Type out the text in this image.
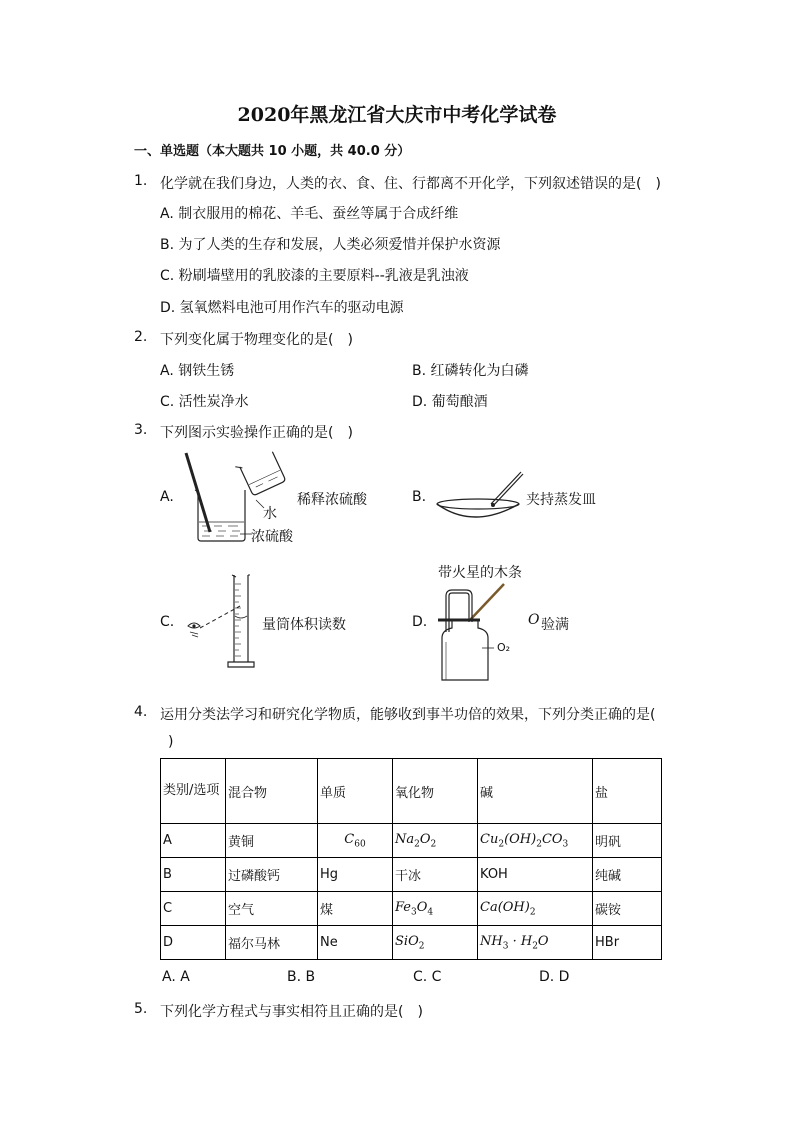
2020年黑龙江省大庆市中考化学试卷
一、单选题（本大题共 10 小题，共 40.0 分）
1. 化学就在我们身边，人类的衣、食、住、行都离不开化学，下列叙述错误的是(　)
A. 制衣服用的棉花、羊毛、蚕丝等属于合成纤维
B. 为了人类的生存和发展，人类必须爱惜并保护水资源
C. 粉刷墙壁用的乳胶漆的主要原料--乳液是乳浊液
D. 氢氧燃料电池可用作汽车的驱动电源
2. 下列变化属于物理变化的是(　)
A. 钢铁生锈	B. 红磷转化为白磷
C. 活性炭净水	D. 葡萄酿酒
3. 下列图示实验操作正确的是(　)
A.
水
浓硫酸
稀释浓硫酸	B.	夹持蒸发皿
C.	量筒体积读数	D.
带火星的木条
O₂
O 验满
4. 运用分类法学习和研究化学物质，能够收到事半功倍的效果，下列分类正确的是(
)
类别/选项	混合物	单质	氧化物	碱	盐
A	黄铜	$C_{60}$	$Na_2O_2$	$Cu_2(OH)_2CO_3$	明矾
B	过磷酸钙	Hg	干冰	KOH	纯碱
C	空气	煤	$Fe_3O_4$	$Ca(OH)_2$	碳铵
D	福尔马林	Ne	SiO$_2$	$NH_3 \cdot H_2O$	HBr
A. A	B. B	C. C	D. D
5. 下列化学方程式与事实相符且正确的是(　)
